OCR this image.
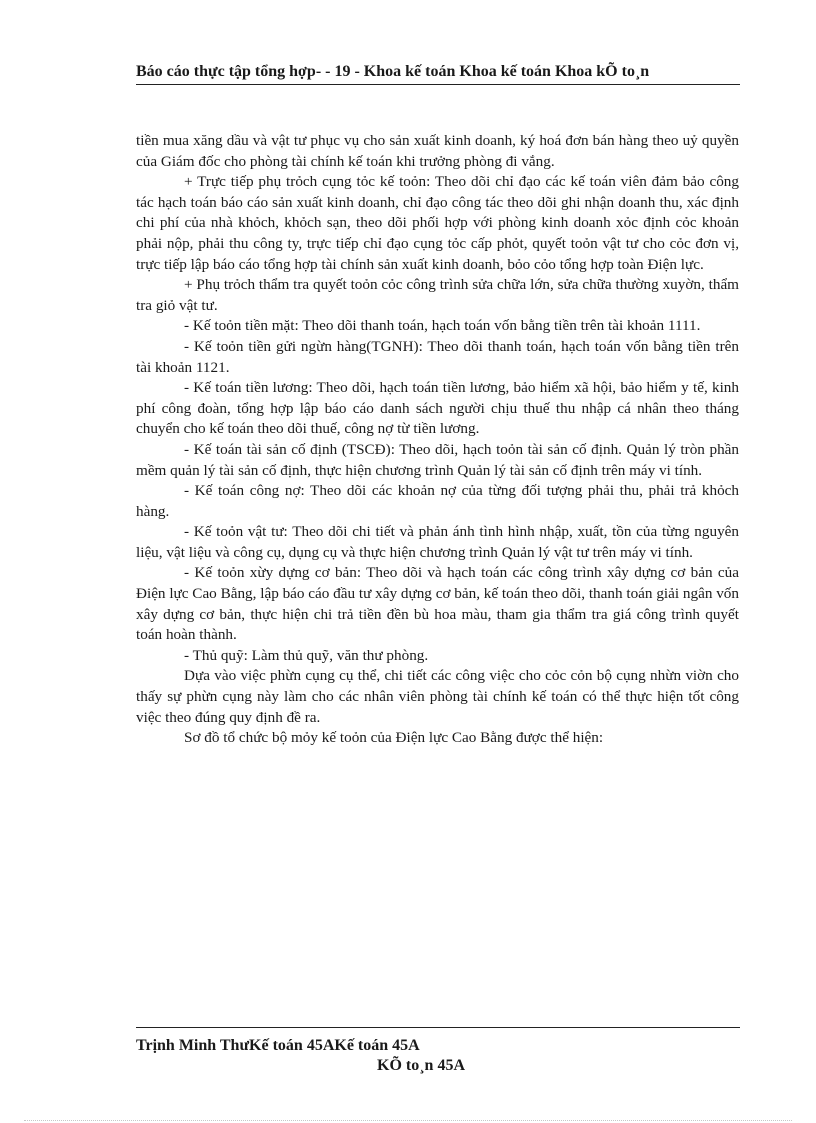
Báo cáo thực tập tổng hợp- - 19 - Khoa kế toán Khoa kế toán Khoa kÕ to¸n

tiền mua xăng dầu và vật tư phục vụ cho sản xuất kinh doanh, ký hoá đơn bán hàng theo uỷ quyền của Giám đốc cho phòng tài chính kế toán khi trưởng phòng đi vắng.

+ Trực tiếp phụ trỏch cụng tỏc kế toỏn: Theo dõi chỉ đạo các kế toán viên đảm bảo công tác hạch toán báo cáo sản xuất kinh doanh, chỉ đạo công tác theo dõi ghi nhận doanh thu, xác định chi phí của nhà khỏch, khỏch sạn, theo dõi phối hợp với phòng kinh doanh xỏc định cỏc khoản phải nộp, phải thu công ty, trực tiếp chỉ đạo cụng tỏc cấp phỏt, quyết toỏn vật tư cho cỏc đơn vị, trực tiếp lập báo cáo tổng hợp tài chính sản xuất kinh doanh, bỏo cỏo tổng hợp toàn Điện lực.

+ Phụ trỏch thẩm tra quyết toỏn cỏc công trình sửa chữa lớn, sửa chữa thường xuyờn, thẩm tra giỏ vật tư.

- Kế toỏn tiền mặt: Theo dõi thanh toán, hạch toán vốn bằng tiền trên tài khoản 1111.

- Kế toỏn tiền gửi ngừn hàng(TGNH): Theo dõi thanh toán, hạch toán vốn bằng tiền trên tài khoản 1121.

- Kế toán tiền lương: Theo dõi, hạch toán tiền lương, bảo hiểm xã hội, bảo hiểm y tế, kinh phí công đoàn, tổng hợp lập báo cáo danh sách người chịu thuế thu nhập cá nhân theo tháng chuyển cho kế toán theo dõi thuế, công nợ từ tiền lương.

- Kế toán tài sản cố định (TSCĐ): Theo dõi, hạch toỏn tài sản cố định. Quản lý tròn phần mềm quản lý tài sản cố định, thực hiện chương trình Quản lý tài sản cố định trên máy vi tính.

- Kế toán công nợ: Theo dõi các khoản nợ của từng đối tượng phải thu, phải trả khỏch hàng.

- Kế toỏn vật tư: Theo dõi chi tiết và phản ánh tình hình nhập, xuất, tồn của từng nguyên liệu, vật liệu và công cụ, dụng cụ và thực hiện chương trình Quản lý vật tư trên máy vi tính.

- Kế toỏn xừy dựng cơ bản: Theo dõi và hạch toán các công trình xây dựng cơ bản của Điện lực Cao Bằng, lập báo cáo đầu tư xây dựng cơ bản, kế toán theo dõi, thanh toán giải ngân vốn xây dựng cơ bản, thực hiện chi trả tiền đền bù hoa màu, tham gia thẩm tra giá công trình quyết toán hoàn thành.

- Thủ quỹ: Làm thủ quỹ, văn thư phòng.

Dựa vào việc phừn cụng cụ thể, chi tiết các công việc cho cỏc cỏn bộ cụng nhừn viờn cho thấy sự phừn cụng này làm cho các nhân viên phòng tài chính kế toán có thể thực hiện tốt công việc theo đúng quy định đề ra.

Sơ đồ tổ chức bộ mỏy kế toỏn của Điện lực Cao Bằng được thể hiện:

Trịnh Minh ThưKế toán 45AKế toán 45A
KÕ to¸n 45A
